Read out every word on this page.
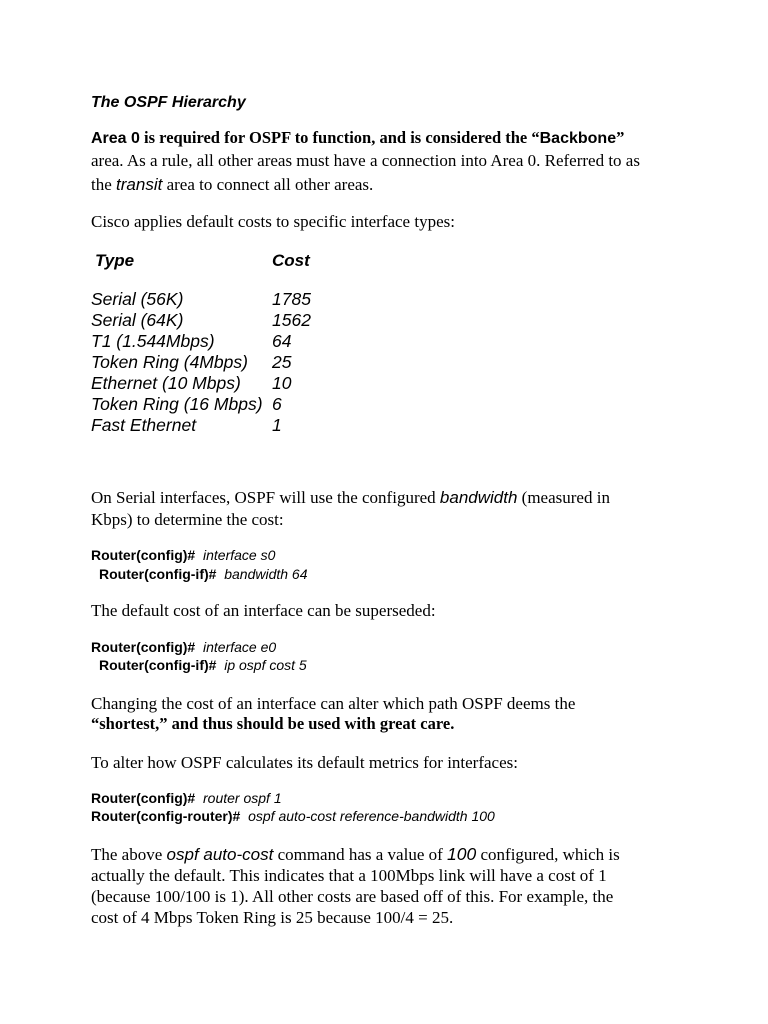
The OSPF Hierarchy
Area 0 is required for OSPF to function, and is considered the “Backbone”
area. As a rule, all other areas must have a connection into Area 0. Referred to as
the transit area to connect all other areas.
Cisco applies default costs to specific interface types:
Type	Cost
Serial (56K)	1785
Serial (64K)	1562
T1 (1.544Mbps)	64
Token Ring (4Mbps) 25
Ethernet (10 Mbps) 10
Token Ring (16 Mbps) 6
Fast Ethernet	1
On Serial interfaces, OSPF will use the configured bandwidth (measured in
Kbps) to determine the cost:
Router(config)# interface s0
Router(config-if)# bandwidth 64
The default cost of an interface can be superseded:
Router(config)# interface e0
Router(config-if)# ip ospf cost 5
Changing the cost of an interface can alter which path OSPF deems the
“shortest,” and thus should be used with great care.
To alter how OSPF calculates its default metrics for interfaces:
Router(config)# router ospf 1
Router(config-router)# ospf auto-cost reference-bandwidth 100
The above ospf auto-cost command has a value of 100 configured, which is
actually the default. This indicates that a 100Mbps link will have a cost of 1
(because 100/100 is 1). All other costs are based off of this. For example, the
cost of 4 Mbps Token Ring is 25 because 100/4 = 25.
